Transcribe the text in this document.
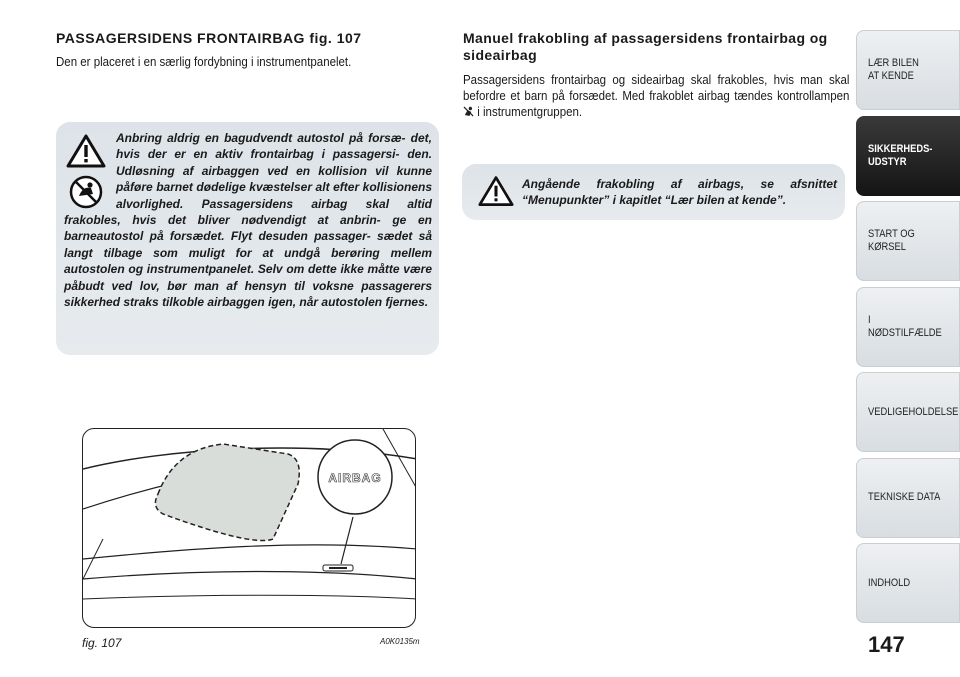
PASSAGERSIDENS FRONTAIRBAG fig. 107
Den er placeret i en særlig fordybning i instrumentpanelet.
Anbring aldrig en bagudvendt autostol på forsæ- det, hvis der er en aktiv frontairbag i passagersi- den. Udløsning af airbaggen ved en kollision vil kunne påføre barnet dødelige kvæstelser alt efter kollisionens alvorlighed. Passagersidens airbag skal altid frakobles, hvis det bliver nødvendigt at anbrin- ge en barneautostol på forsædet. Flyt desuden passager- sædet så langt tilbage som muligt for at undgå berøring mellem autostolen og instrumentpanelet. Selv om dette ikke måtte være påbudt ved lov, bør man af hensyn til voksne passagerers sikkerhed straks tilkoble airbaggen igen, når autostolen fjernes.
AIRBAG
fig. 107	A0K0135m
Manuel frakobling af passagersidens frontairbag og sideairbag
Passagersidens frontairbag og sideairbag skal frakobles, hvis man skal befordre et barn på forsædet. Med frakoblet airbag tændes kontrollampen  i instrumentgruppen.
Angående frakobling af airbags, se afsnittet “Menupunkter” i kapitlet “Lær bilen at kende”.
LÆR BILEN
AT KENDE
SIKKERHEDS-
UDSTYR
START OG KØRSEL
I NØDSTILFÆLDE
VEDLIGEHOLDELSE
TEKNISKE DATA
INDHOLD
147
